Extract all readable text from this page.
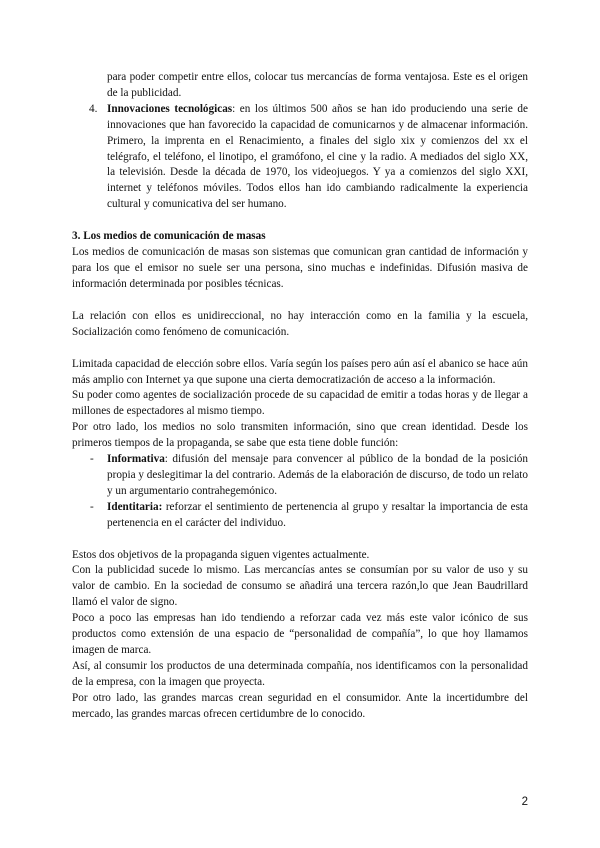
para poder competir entre ellos, colocar tus mercancías de forma ventajosa. Este es el origen de la publicidad.

4. Innovaciones tecnológicas: en los últimos 500 años se han ido produciendo una serie de innovaciones que han favorecido la capacidad de comunicarnos y de almacenar información. Primero, la imprenta en el Renacimiento, a finales del siglo xix y comienzos del xx el telégrafo, el teléfono, el linotipo, el gramófono, el cine y la radio. A mediados del siglo XX, la televisión. Desde la década de 1970, los videojuegos. Y ya a comienzos del siglo XXI, internet y teléfonos móviles. Todos ellos han ido cambiando radicalmente la experiencia cultural y comunicativa del ser humano.

3. Los medios de comunicación de masas

Los medios de comunicación de masas son sistemas que comunican gran cantidad de información y para los que el emisor no suele ser una persona, sino muchas e indefinidas. Difusión masiva de información determinada por posibles técnicas.

La relación con ellos es unidireccional, no hay interacción como en la familia y la escuela, Socialización como fenómeno de comunicación.

Limitada capacidad de elección sobre ellos. Varía según los países pero aún así el abanico se hace aún más amplio con Internet ya que supone una cierta democratización de acceso a la información.

Su poder como agentes de socialización procede de su capacidad de emitir a todas horas y de llegar a millones de espectadores al mismo tiempo.

Por otro lado, los medios no solo transmiten información, sino que crean identidad. Desde los primeros tiempos de la propaganda, se sabe que esta tiene doble función:

- Informativa: difusión del mensaje para convencer al público de la bondad de la posición propia y deslegitimar la del contrario. Además de la elaboración de discurso, de todo un relato y un argumentario contrahegemónico.
- Identitaria: reforzar el sentimiento de pertenencia al grupo y resaltar la importancia de esta pertenencia en el carácter del individuo.

Estos dos objetivos de la propaganda siguen vigentes actualmente.

Con la publicidad sucede lo mismo. Las mercancías antes se consumían por su valor de uso y su valor de cambio. En la sociedad de consumo se añadirá una tercera razón,lo que Jean Baudrillard llamó el valor de signo.

Poco a poco las empresas han ido tendiendo a reforzar cada vez más este valor icónico de sus productos como extensión de una espacio de “personalidad de compañía”, lo que hoy llamamos imagen de marca.

Así, al consumir los productos de una determinada compañía, nos identificamos con la personalidad de la empresa, con la imagen que proyecta.

Por otro lado, las grandes marcas crean seguridad en el consumidor. Ante la incertidumbre del mercado, las grandes marcas ofrecen certidumbre de lo conocido.

2
